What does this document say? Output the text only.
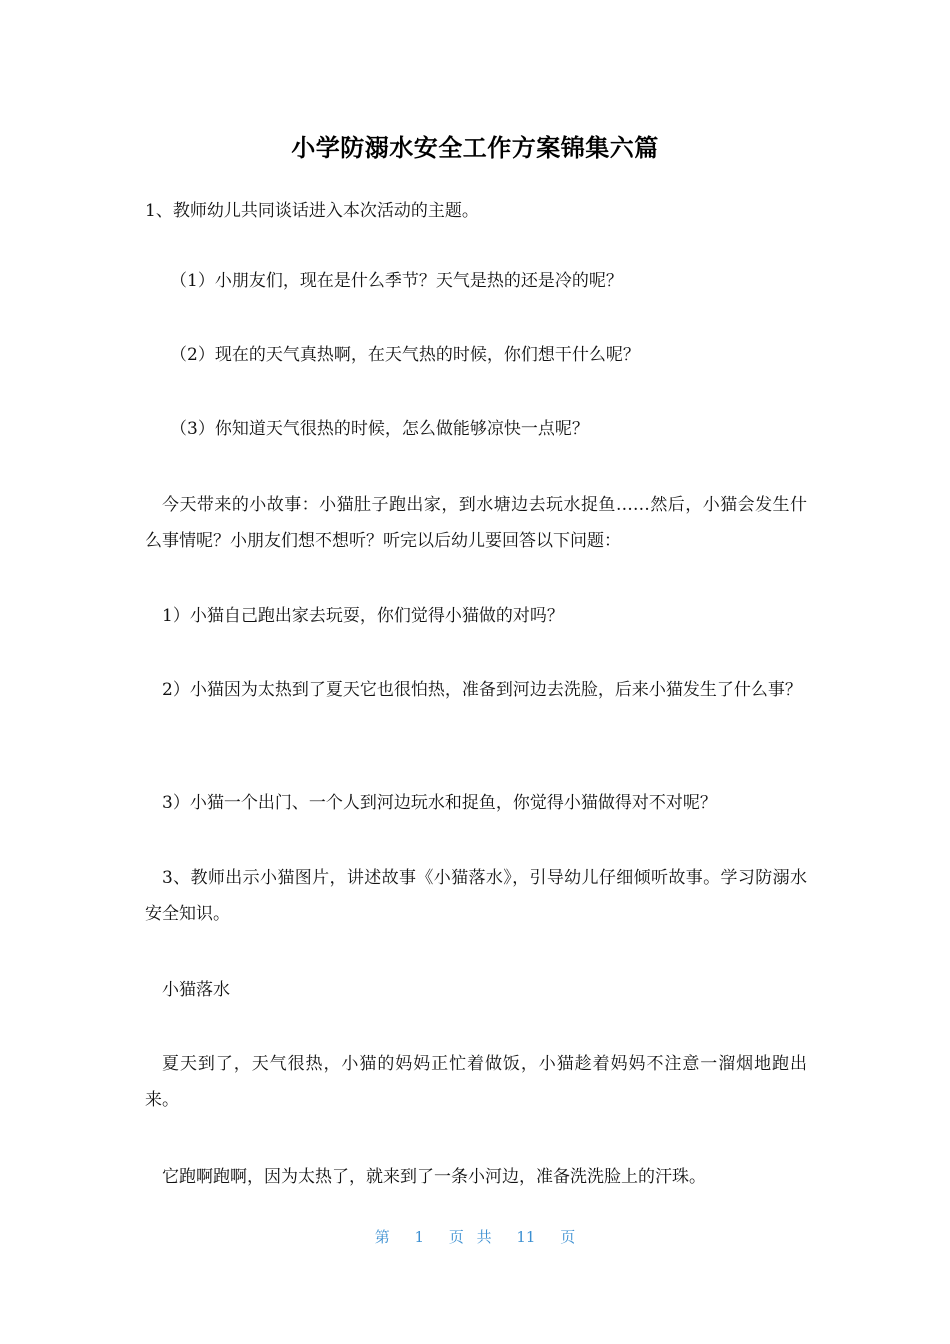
小学防溺水安全工作方案锦集六篇
1、教师幼儿共同谈话进入本次活动的主题。
（1）小朋友们，现在是什么季节？天气是热的还是冷的呢？
（2）现在的天气真热啊，在天气热的时候，你们想干什么呢？
（3）你知道天气很热的时候，怎么做能够凉快一点呢？
今天带来的小故事：小猫肚子跑出家，到水塘边去玩水捉鱼……然后，小猫会发生什么事情呢？小朋友们想不想听？听完以后幼儿要回答以下问题：
1）小猫自己跑出家去玩耍，你们觉得小猫做的对吗？
2）小猫因为太热到了夏天它也很怕热，准备到河边去洗脸，后来小猫发生了什么事？
3）小猫一个出门、一个人到河边玩水和捉鱼，你觉得小猫做得对不对呢？
3、教师出示小猫图片，讲述故事《小猫落水》，引导幼儿仔细倾听故事。学习防溺水安全知识。
小猫落水
夏天到了，天气很热，小猫的妈妈正忙着做饭，小猫趁着妈妈不注意一溜烟地跑出来。
它跑啊跑啊，因为太热了，就来到了一条小河边，准备洗洗脸上的汗珠。
第 1 页 共 11 页
